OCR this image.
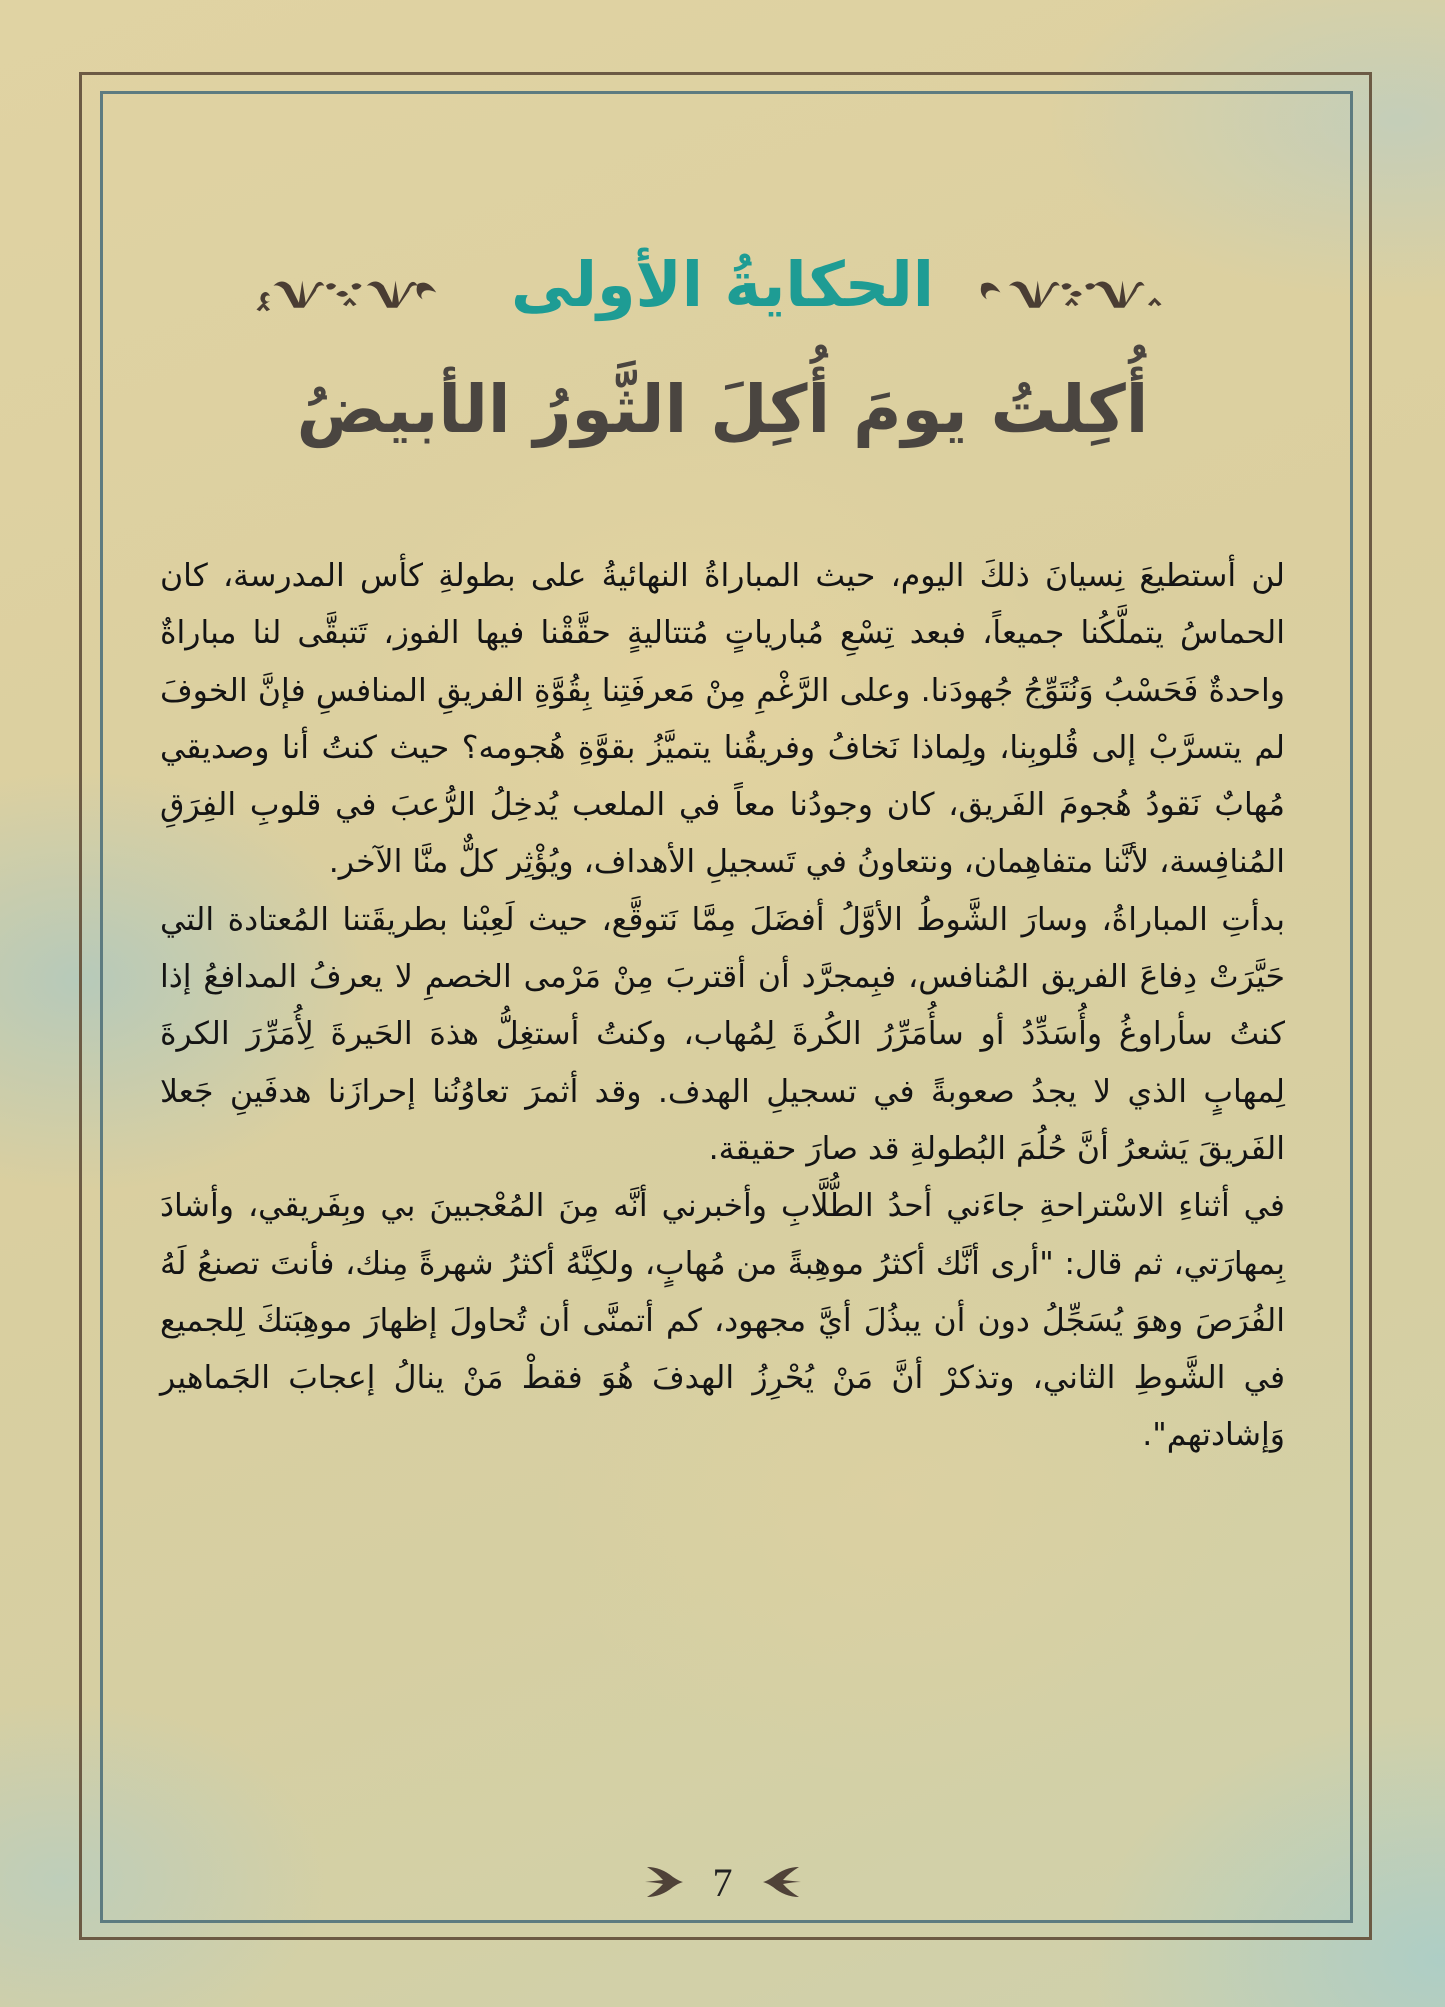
الحكايةُ الأولى
أُكِلتُ يومَ أُكِلَ الثَّورُ الأبيضُ

لن أستطيعَ نِسيانَ ذلكَ اليوم، حيث المباراةُ النهائيةُ على بطولةِ كأس المدرسة، كان الحماسُ يتملَّكُنا جميعاً، فبعد تِسْعِ مُبارياتٍ مُتتاليةٍ حقَّقْنا فيها الفوز، تَتبقَّى لنا مباراةٌ واحدةٌ فَحَسْبُ وَنُتَوِّجُ جُهودَنا. وعلى الرَّغْمِ مِنْ مَعرفَتِنا بِقُوَّةِ الفريقِ المنافسِ فإنَّ الخوفَ لم يتسرَّبْ إلى قُلوبِنا، ولِماذا نَخافُ وفريقُنا يتميَّزُ بقوَّةِ هُجومه؟ حيث كنتُ أنا وصديقي مُهابٌ نَقودُ هُجومَ الفَريق، كان وجودُنا معاً في الملعب يُدخِلُ الرُّعبَ في قلوبِ الفِرَقِ المُنافِسة، لأنَّنا متفاهِمان، ونتعاونُ في تَسجيلِ الأهداف، ويُؤْثِر كلٌّ منَّا الآخر.

بدأتِ المباراةُ، وسارَ الشَّوطُ الأوَّلُ أفضَلَ مِمَّا نَتوقَّع، حيث لَعِبْنا بطريقَتنا المُعتادة التي حَيَّرَتْ دِفاعَ الفريق المُنافس، فبِمجرَّد أن أقتربَ مِنْ مَرْمى الخصمِ لا يعرفُ المدافعُ إذا كنتُ سأراوغُ وأُسَدِّدُ أو سأُمَرِّرُ الكُرةَ لِمُهاب، وكنتُ أستغِلُّ هذهَ الحَيرةَ لِأُمَرِّرَ الكرةَ لِمهابٍ الذي لا يجدُ صعوبةً في تسجيلِ الهدف. وقد أثمرَ تعاوُنُنا إحرازَنا هدفَينِ جَعلا الفَريقَ يَشعرُ أنَّ حُلُمَ البُطولةِ قد صارَ حقيقة.

في أثناءِ الاسْتراحةِ جاءَني أحدُ الطُّلَّابِ وأخبرني أنَّه مِنَ المُعْجبينَ بي وبِفَريقي، وأشادَ بِمهارَتي، ثم قال: "أرى أنَّك أكثرُ موهِبةً من مُهابٍ، ولكِنَّهُ أكثرُ شهرةً مِنك، فأنتَ تصنعُ لَهُ الفُرَصَ وهوَ يُسَجِّلُ دون أن يبذُلَ أيَّ مجهود، كم أتمنَّى أن تُحاولَ إظهارَ موهِبَتكَ لِلجميع في الشَّوطِ الثاني، وتذكرْ أنَّ مَنْ يُحْرِزُ الهدفَ هُوَ فقطْ مَنْ ينالُ إعجابَ الجَماهير وَإشادتهم".

7
